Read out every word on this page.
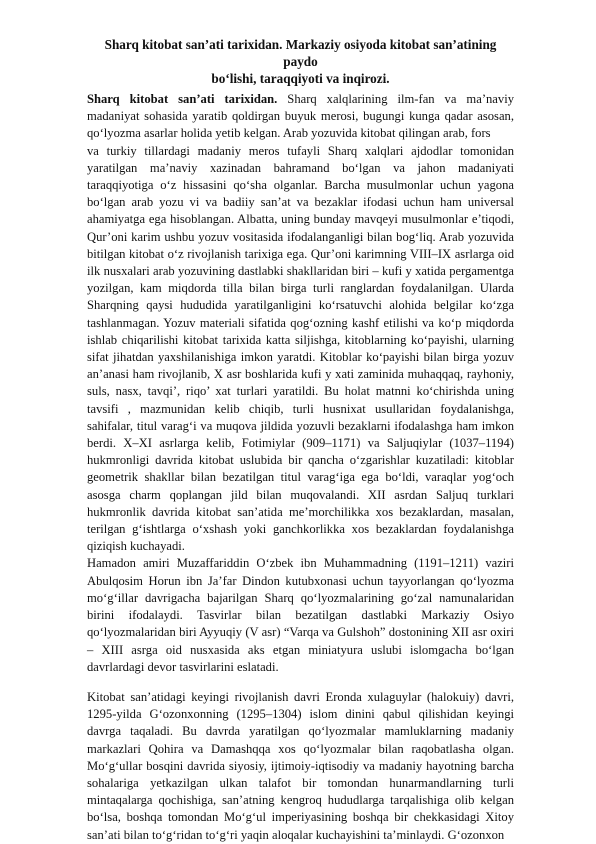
Sharq kitobat san’ati tarixidan. Markaziy osiyoda kitobat san’atining paydo
bo‘lishi, taraqqiyoti va inqirozi.

Sharq kitobat san’ati tarixidan. Sharq xalqlarining ilm-fan va ma’naviy madaniyat sohasida yaratib qoldirgan buyuk merosi, bugungi kunga qadar asosan, qo‘lyozma asarlar holida yetib kelgan. Arab yozuvida kitobat qilingan arab, fors

va turkiy tillardagi madaniy meros tufayli Sharq xalqlari ajdodlar tomonidan yaratilgan ma’naviy xazinadan bahramand bo‘lgan va jahon madaniyati taraqqiyotiga o‘z hissasini qo‘sha olganlar. Barcha musulmonlar uchun yagona bo‘lgan arab yozu vi va badiiy san’at va bezaklar ifodasi uchun ham universal ahamiyatga ega hisoblangan. Albatta, uning bunday mavqeyi musulmonlar e’tiqodi, Qur’oni karim ushbu yozuv vositasida ifodalanganligi bilan bog‘liq. Arab yozuvida bitilgan kitobat o‘z rivojlanish tarixiga ega. Qur’oni karimning VIII–IX asrlarga oid ilk nusxalari arab yozuvining dastlabki shakllaridan biri – kufi y xatida pergamentga yozilgan, kam miqdorda tilla bilan birga turli ranglardan foydalanilgan. Ularda Sharqning qaysi hududida yaratilganligini ko‘rsatuvchi alohida belgilar ko‘zga tashlanmagan. Yozuv materiali sifatida qog‘ozning kashf etilishi va ko‘p miqdorda ishlab chiqarilishi kitobat tarixida katta siljishga, kitoblarning ko‘payishi, ularning sifat jihatdan yaxshilanishiga imkon yaratdi. Kitoblar ko‘payishi bilan birga yozuv an’anasi ham rivojlanib, X asr boshlarida kufi y xati zaminida muhaqqaq, rayhoniy, suls, nasx, tavqi’, riqo’ xat turlari yaratildi. Bu holat matnni ko‘chirishda uning tavsifi , mazmunidan kelib chiqib, turli husnixat usullaridan foydalanishga, sahifalar, titul varag‘i va muqova jildida yozuvli bezaklarni ifodalashga ham imkon berdi. X–XI asrlarga kelib, Fotimiylar (909–1171) va Saljuqiylar (1037–1194) hukmronligi davrida kitobat uslubida bir qancha o‘zgarishlar kuzatiladi: kitoblar geometrik shakllar bilan bezatilgan titul varag‘iga ega bo‘ldi, varaqlar yog‘och asosga charm qoplangan jild bilan muqovalandi. XII asrdan Saljuq turklari hukmronlik davrida kitobat san’atida me’morchilikka xos bezaklardan, masalan, terilgan g‘ishtlarga o‘xshash yoki ganchkorlikka xos bezaklardan foydalanishga qiziqish kuchayadi.

Hamadon amiri Muzaffariddin O‘zbek ibn Muhammadning (1191–1211) vaziri Abulqosim Horun ibn Ja’far Dindon kutubxonasi uchun tayyorlangan qo‘lyozma mo‘g‘illar davrigacha bajarilgan Sharq qo‘lyozmalarining go‘zal namunalaridan birini ifodalaydi. Tasvirlar bilan bezatilgan dastlabki Markaziy Osiyo qo‘lyozmalaridan biri Ayyuqiy (V asr) “Varqa va Gulshoh” dostonining XII asr oxiri – XIII asrga oid nusxasida aks etgan miniatyura uslubi islomgacha bo‘lgan davrlardagi devor tasvirlarini eslatadi.

Kitobat san’atidagi keyingi rivojlanish davri Eronda xulaguylar (halokuiy) davri, 1295-yilda G‘ozonxonning (1295–1304) islom dinini qabul qilishidan keyingi davrga taqaladi. Bu davrda yaratilgan qo‘lyozmalar mamluklarning madaniy markazlari Qohira va Damashqqa xos qo‘lyozmalar bilan raqobatlasha olgan. Mo‘g‘ullar bosqini davrida siyosiy, ijtimoiy-iqtisodiy va madaniy hayotning barcha sohalariga yetkazilgan ulkan talafot bir tomondan hunarmandlarning turli mintaqalarga qochishiga, san’atning kengroq hududlarga tarqalishiga olib kelgan bo‘lsa, boshqa tomondan Mo‘g‘ul imperiyasining boshqa bir chekkasidagi Xitoy san’ati bilan to‘g‘ridan to‘g‘ri yaqin aloqalar kuchayishini ta’minlaydi. G‘ozonxon
